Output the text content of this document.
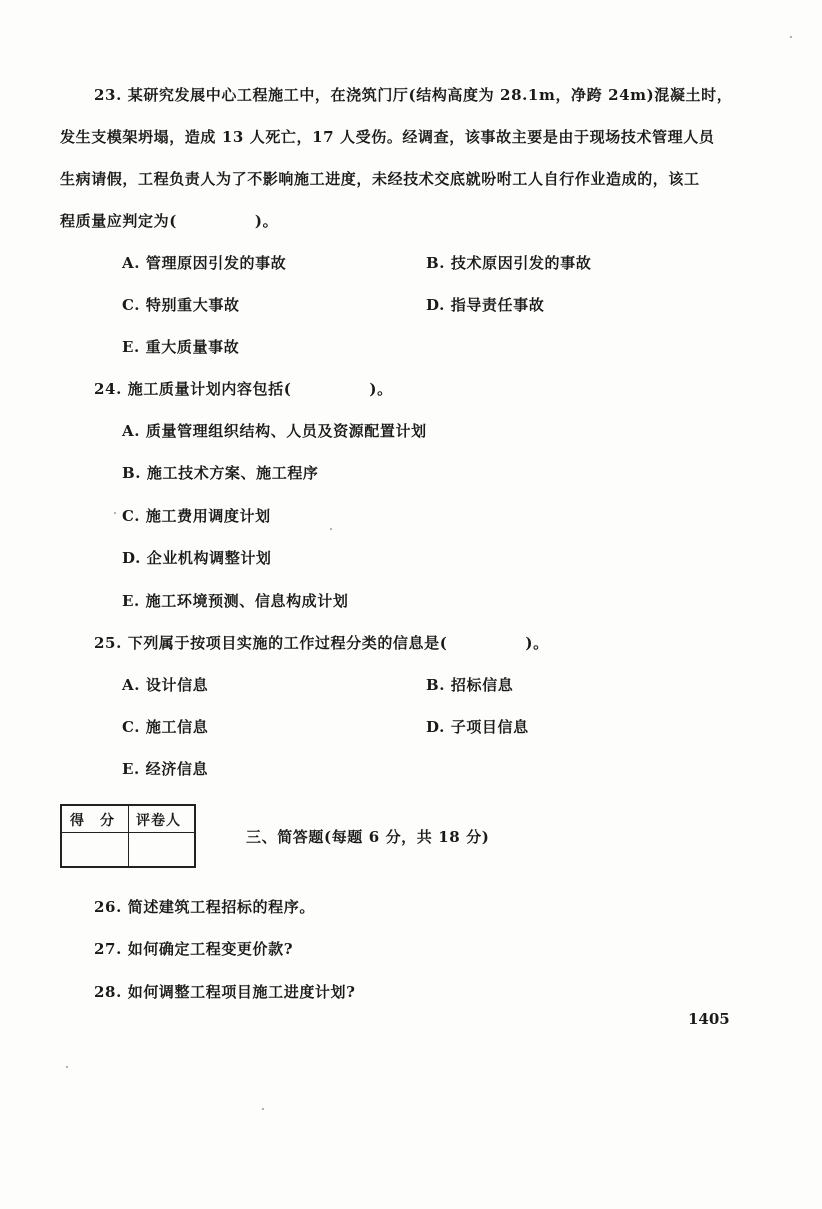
23. 某研究发展中心工程施工中，在浇筑门厅(结构高度为 28.1m，净跨 24m)混凝土时，
发生支模架坍塌，造成 13 人死亡，17 人受伤。经调查，该事故主要是由于现场技术管理人员
生病请假，工程负责人为了不影响施工进度，未经技术交底就吩咐工人自行作业造成的，该工
程质量应判定为(　　　　　)。
A. 管理原因引发的事故	B. 技术原因引发的事故
C. 特别重大事故	D. 指导责任事故
E. 重大质量事故
24. 施工质量计划内容包括(　　　　　)。
A. 质量管理组织结构、人员及资源配置计划
B. 施工技术方案、施工程序
C. 施工费用调度计划
D. 企业机构调整计划
E. 施工环境预测、信息构成计划
25. 下列属于按项目实施的工作过程分类的信息是(　　　　　)。
A. 设计信息	B. 招标信息
C. 施工信息	D. 子项目信息
E. 经济信息
得　分 评卷人
三、简答题(每题 6 分，共 18 分)
26. 简述建筑工程招标的程序。
27. 如何确定工程变更价款?
28. 如何调整工程项目施工进度计划?
1405
